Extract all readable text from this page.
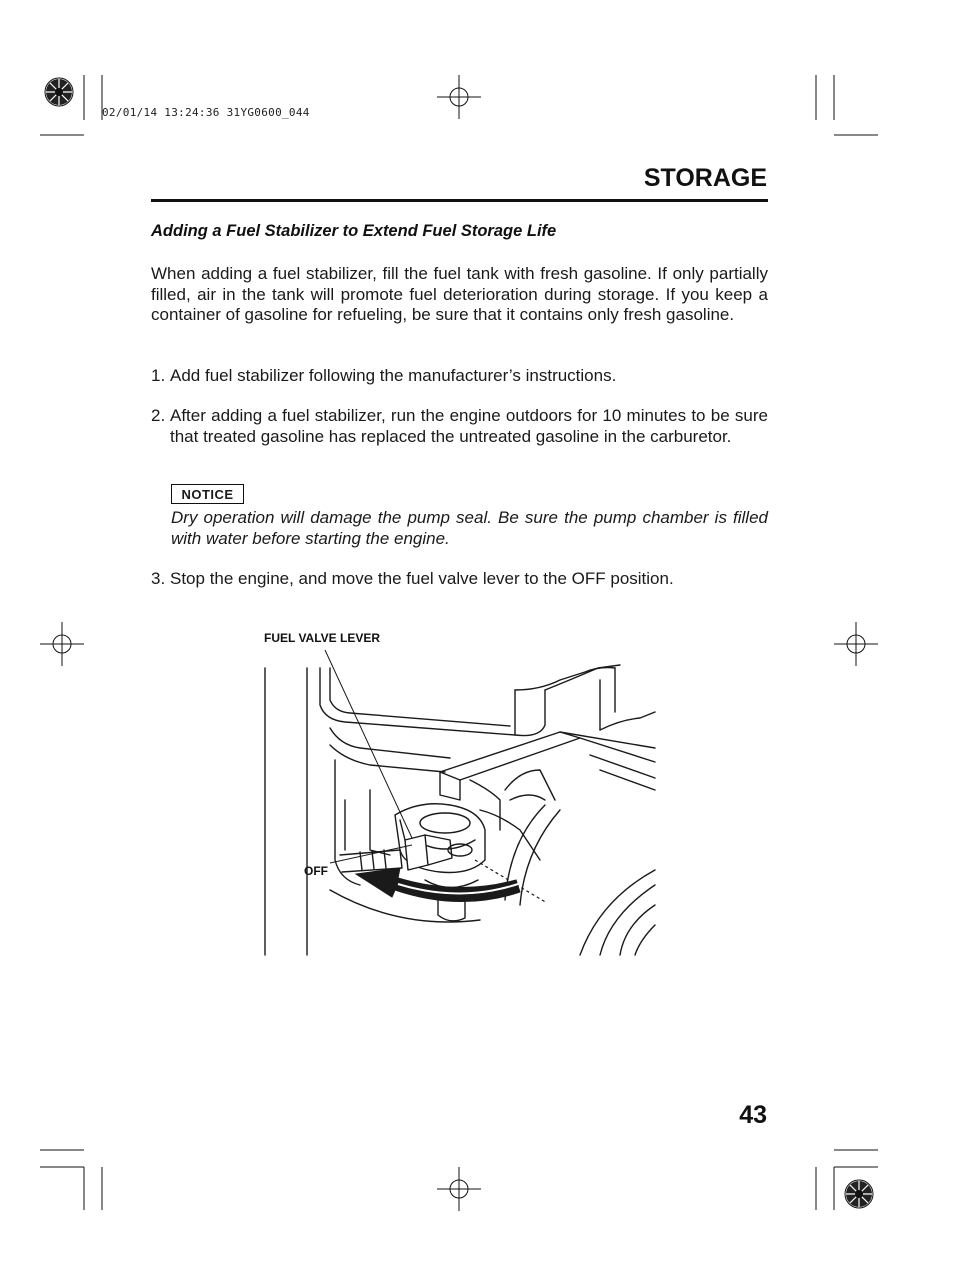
02/01/14 13:24:36 31YG0600_044
STORAGE
Adding a Fuel Stabilizer to Extend Fuel Storage Life
When adding a fuel stabilizer, fill the fuel tank with fresh gasoline. If only partially filled, air in the tank will promote fuel deterioration during storage. If you keep a container of gasoline for refueling, be sure that it contains only fresh gasoline.
1. Add fuel stabilizer following the manufacturer’s instructions.
2. After adding a fuel stabilizer, run the engine outdoors for 10 minutes to be sure that treated gasoline has replaced the untreated gasoline in the carburetor.
NOTICE
Dry operation will damage the pump seal. Be sure the pump chamber is filled with water before starting the engine.
3. Stop the engine, and move the fuel valve lever to the OFF position.
FUEL VALVE LEVER
OFF
43
